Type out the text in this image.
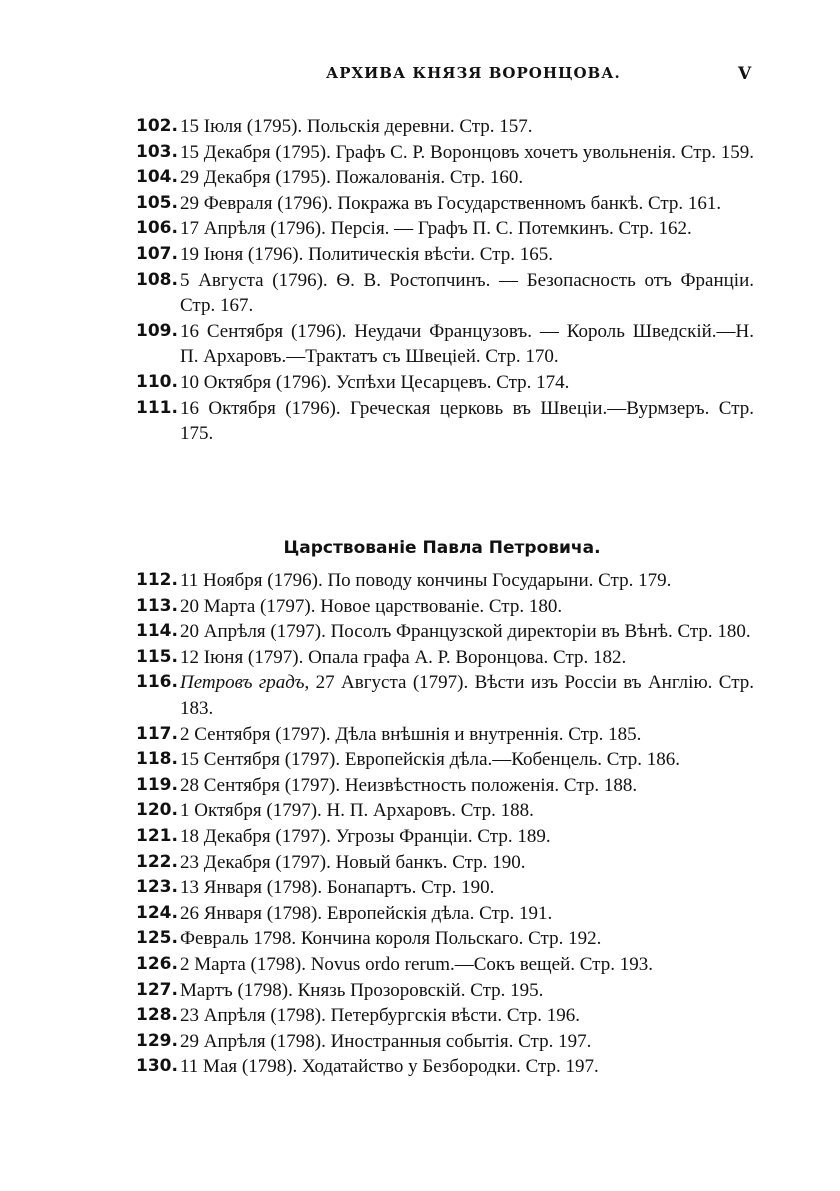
АРХИВА КНЯЗЯ ВОРОНЦОВА.	V
102. 15 Іюля (1795). Польскія деревни. Стр. 157.
103. 15 Декабря (1795). Графъ С. Р. Воронцовъ хочетъ увольненія. Стр. 159.
104. 29 Декабря (1795). Пожалованія. Стр. 160.
105. 29 Февраля (1796). Покража въ Государственномъ банкѣ. Стр. 161.
106. 17 Апрѣля (1796). Персія. — Графъ П. С. Потемкинъ. Стр. 162.
107. 19 Іюня (1796). Политическія вѣсти. Стр. 165.
108. 5 Августа (1796). Ѳ. В. Ростопчинъ. — Безопасность отъ Франціи. Стр. 167.
109. 16 Сентября (1796). Неудачи Французовъ. — Король Шведскій.—Н. П. Архаровъ.—Трактатъ съ Швеціей. Стр. 170.
110. 10 Октября (1796). Успѣхи Цесарцевъ. Стр. 174.
111. 16 Октября (1796). Греческая церковь въ Швеціи.—Вурмзеръ. Стр. 175.
Царствованіе Павла Петровича.
112. 11 Ноября (1796). По поводу кончины Государыни. Стр. 179.
113. 20 Марта (1797). Новое царствованіе. Стр. 180.
114. 20 Апрѣля (1797). Посолъ Французской директоріи въ Вѣнѣ. Стр. 180.
115. 12 Іюня (1797). Опала графа А. Р. Воронцова. Стр. 182.
116. Петровъ градъ, 27 Августа (1797). Вѣсти изъ Россіи въ Англію. Стр. 183.
117. 2 Сентября (1797). Дѣла внѣшнія и внутреннія. Стр. 185.
118. 15 Сентября (1797). Европейскія дѣла.—Кобенцель. Стр. 186.
119. 28 Сентября (1797). Неизвѣстность положенія. Стр. 188.
120. 1 Октября (1797). Н. П. Архаровъ. Стр. 188.
121. 18 Декабря (1797). Угрозы Франціи. Стр. 189.
122. 23 Декабря (1797). Новый банкъ. Стр. 190.
123. 13 Января (1798). Бонапартъ. Стр. 190.
124. 26 Января (1798). Европейскія дѣла. Стр. 191.
125. Февраль 1798. Кончина короля Польскаго. Стр. 192.
126. 2 Марта (1798). Novus ordo rerum.—Сокъ вещей. Стр. 193.
127. Мартъ (1798). Князь Прозоровскій. Стр. 195.
128. 23 Апрѣля (1798). Петербургскія вѣсти. Стр. 196.
129. 29 Апрѣля (1798). Иностранныя событія. Стр. 197.
130. 11 Мая (1798). Ходатайство у Безбородки. Стр. 197.
